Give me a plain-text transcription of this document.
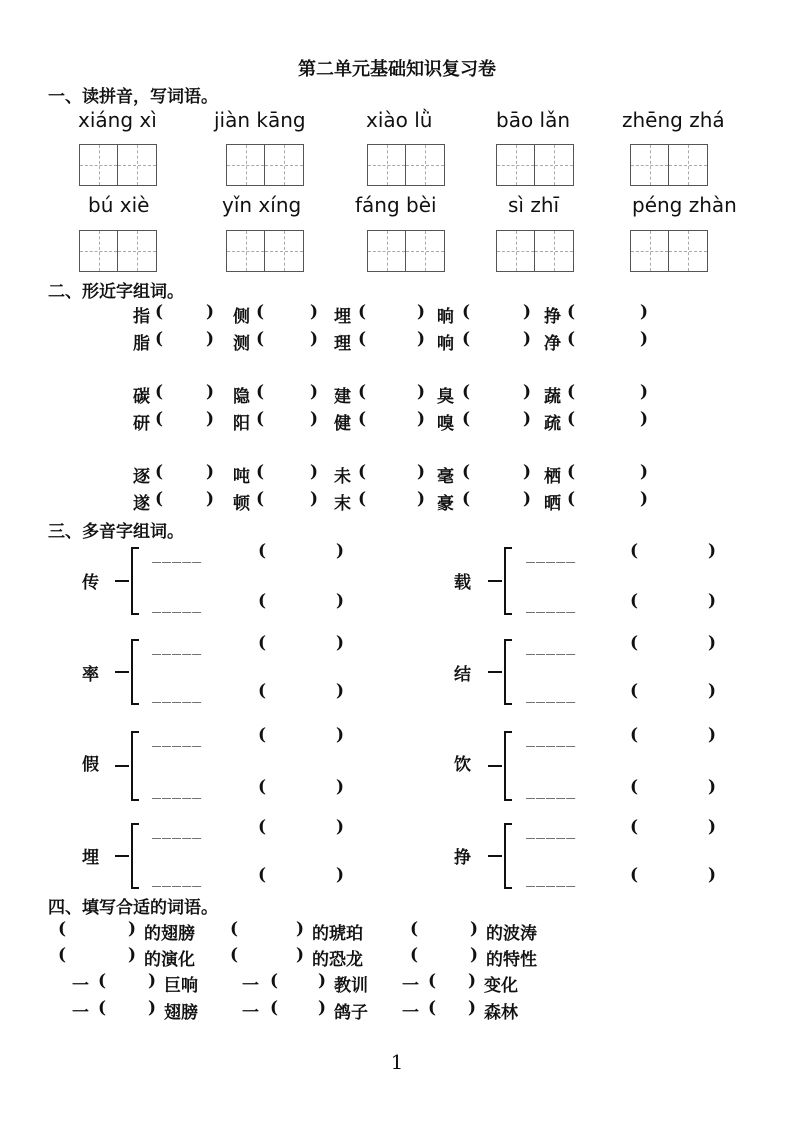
第二单元基础知识复习卷
一、读拼音，写词语。
xiáng xì	jiàn kāng	xiào lǜ	bāo lǎn	zhēng zhá
bú xiè	yǐn xíng	fáng bèi	sì zhī	péng zhàn
二、形近字组词。
指 (	) 侧 (	) 埋 (	) 晌 (	) 挣 (	)
脂 (	) 测 (	) 理 (	) 响 (	) 净 (	)
碳 (	) 隐 (	) 建 (	) 臭 (	) 蔬 (	)
研 (	) 阳 (	) 健 (	) 嗅 (	) 疏 (	)
逐 (	) 吨 (	) 未 (	) 毫 (	) 栖 (	)
遂 (	) 顿 (	) 末 (	) 豪 (	) 晒 (	)
三、多音字组词。
传
_____	(	)
_____	(	)
载
_____	(	)
_____	(	)
率
_____	(	)
_____	(	)
结
_____	(	)
_____	(	)
假
_____	(	)
_____	(	)
饮
_____	(	)
_____	(	)
埋
_____	(	)
_____	(	)
挣
_____	(	)
_____	(	)
四、填写合适的词语。
(	) 的翅膀 (	) 的琥珀	(	) 的波涛
(	) 的演化 (	) 的恐龙	(	) 的特性
一 ( ) 巨响	一 ( ) 教训 一 ( ) 变化
一 ( ) 翅膀	一 ( ) 鸽子 一 ( ) 森林
1
